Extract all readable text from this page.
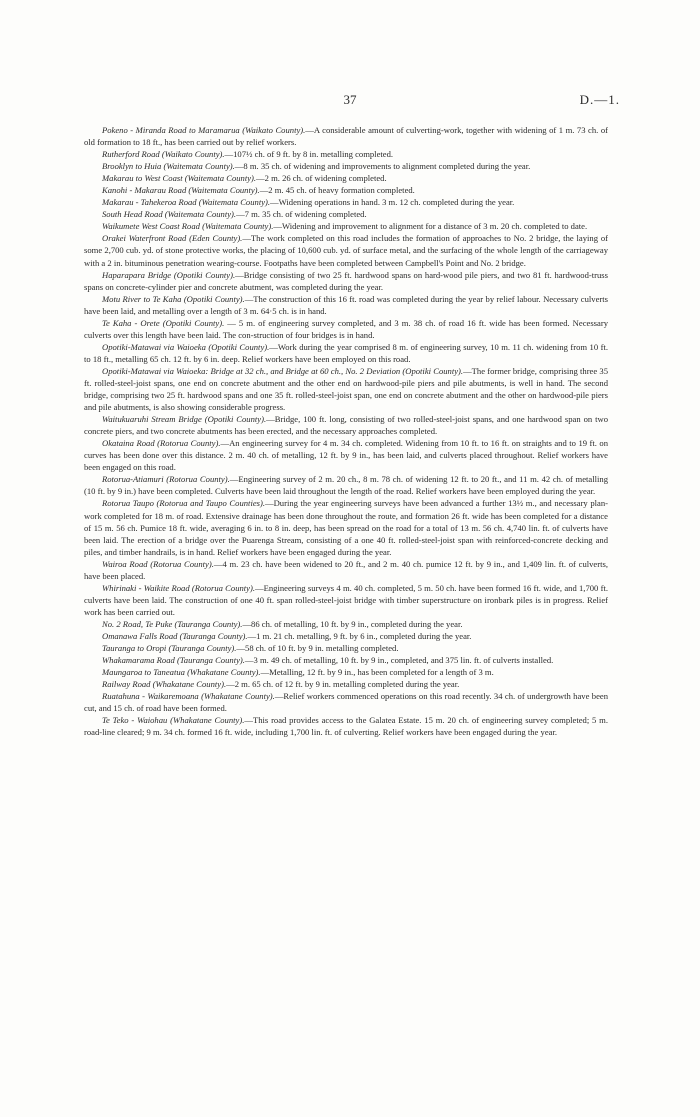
37	D.—1.

Pokeno - Miranda Road to Maramarua (Waikato County).—A considerable amount of culverting-work, together with widening of 1 m. 73 ch. of old formation to 18 ft., has been carried out by relief workers.

Rutherford Road (Waikato County).—107½ ch. of 9 ft. by 8 in. metalling completed.

Brooklyn to Huia (Waitemata County).—8 m. 35 ch. of widening and improvements to alignment completed during the year.

Makarau to West Coast (Waitemata County).—2 m. 26 ch. of widening completed.

Kanohi - Makarau Road (Waitemata County).—2 m. 45 ch. of heavy formation completed.

Makarau - Tahekeroa Road (Waitemata County).—Widening operations in hand. 3 m. 12 ch. completed during the year.

South Head Road (Waitemata County).—7 m. 35 ch. of widening completed.

Waikumete West Coast Road (Waitemata County).—Widening and improvement to alignment for a distance of 3 m. 20 ch. completed to date.

Orakei Waterfront Road (Eden County).—The work completed on this road includes the formation of approaches to No. 2 bridge, the laying of some 2,700 cub. yd. of stone protective works, the placing of 10,600 cub. yd. of surface metal, and the surfacing of the whole length of the carriageway with a 2 in. bituminous penetration wearing-course. Footpaths have been completed between Campbell's Point and No. 2 bridge.

Haparapara Bridge (Opotiki County).—Bridge consisting of two 25 ft. hardwood spans on hard-wood pile piers, and two 81 ft. hardwood-truss spans on concrete-cylinder pier and concrete abutment, was completed during the year.

Motu River to Te Kaha (Opotiki County).—The construction of this 16 ft. road was completed during the year by relief labour. Necessary culverts have been laid, and metalling over a length of 3 m. 64·5 ch. is in hand.

Te Kaha - Orete (Opotiki County). — 5 m. of engineering survey completed, and 3 m. 38 ch. of road 16 ft. wide has been formed. Necessary culverts over this length have been laid. The con-struction of four bridges is in hand.

Opotiki-Matawai via Waioeka (Opotiki County).—Work during the year comprised 8 m. of engineering survey, 10 m. 11 ch. widening from 10 ft. to 18 ft., metalling 65 ch. 12 ft. by 6 in. deep. Relief workers have been employed on this road.

Opotiki-Matawai via Waioeka: Bridge at 32 ch., and Bridge at 60 ch., No. 2 Deviation (Opotiki County).—The former bridge, comprising three 35 ft. rolled-steel-joist spans, one end on concrete abutment and the other end on hardwood-pile piers and pile abutments, is well in hand. The second bridge, comprising two 25 ft. hardwood spans and one 35 ft. rolled-steel-joist span, one end on concrete abutment and the other on hardwood-pile piers and pile abutments, is also showing considerable progress.

Waitukuaruhi Stream Bridge (Opotiki County).—Bridge, 100 ft. long, consisting of two rolled-steel-joist spans, and one hardwood span on two concrete piers, and two concrete abutments has been erected, and the necessary approaches completed.

Okataina Road (Rotorua County).—An engineering survey for 4 m. 34 ch. completed. Widening from 10 ft. to 16 ft. on straights and to 19 ft. on curves has been done over this distance. 2 m. 40 ch. of metalling, 12 ft. by 9 in., has been laid, and culverts placed throughout. Relief workers have been engaged on this road.

Rotorua-Atiamuri (Rotorua County).—Engineering survey of 2 m. 20 ch., 8 m. 78 ch. of widening 12 ft. to 20 ft., and 11 m. 42 ch. of metalling (10 ft. by 9 in.) have been completed. Culverts have been laid throughout the length of the road. Relief workers have been employed during the year.

Rotorua Taupo (Rotorua and Taupo Counties).—During the year engineering surveys have been advanced a further 13½ m., and necessary plan-work completed for 18 m. of road. Extensive drainage has been done throughout the route, and formation 26 ft. wide has been completed for a distance of 15 m. 56 ch. Pumice 18 ft. wide, averaging 6 in. to 8 in. deep, has been spread on the road for a total of 13 m. 56 ch. 4,740 lin. ft. of culverts have been laid. The erection of a bridge over the Puarenga Stream, consisting of a one 40 ft. rolled-steel-joist span with reinforced-concrete decking and piles, and timber handrails, is in hand. Relief workers have been engaged during the year.

Wairoa Road (Rotorua County).—4 m. 23 ch. have been widened to 20 ft., and 2 m. 40 ch. pumice 12 ft. by 9 in., and 1,409 lin. ft. of culverts, have been placed.

Whirinaki - Waikite Road (Rotorua County).—Engineering surveys 4 m. 40 ch. completed, 5 m. 50 ch. have been formed 16 ft. wide, and 1,700 ft. culverts have been laid. The construction of one 40 ft. span rolled-steel-joist bridge with timber superstructure on ironbark piles is in progress. Relief work has been carried out.

No. 2 Road, Te Puke (Tauranga County).—86 ch. of metalling, 10 ft. by 9 in., completed during the year.

Omanawa Falls Road (Tauranga County).—1 m. 21 ch. metalling, 9 ft. by 6 in., completed during the year.

Tauranga to Oropi (Tauranga County).—58 ch. of 10 ft. by 9 in. metalling completed.

Whakamarama Road (Tauranga County).—3 m. 49 ch. of metalling, 10 ft. by 9 in., completed, and 375 lin. ft. of culverts installed.

Maungaroa to Taneatua (Whakatane County).—Metalling, 12 ft. by 9 in., has been completed for a length of 3 m.

Railway Road (Whakatane County).—2 m. 65 ch. of 12 ft. by 9 in. metalling completed during the year.

Ruatahuna - Waikaremoana (Whakatane County).—Relief workers commenced operations on this road recently. 34 ch. of undergrowth have been cut, and 15 ch. of road have been formed.

Te Teko - Waiohau (Whakatane County).—This road provides access to the Galatea Estate. 15 m. 20 ch. of engineering survey completed; 5 m. road-line cleared; 9 m. 34 ch. formed 16 ft. wide, including 1,700 lin. ft. of culverting. Relief workers have been engaged during the year.
